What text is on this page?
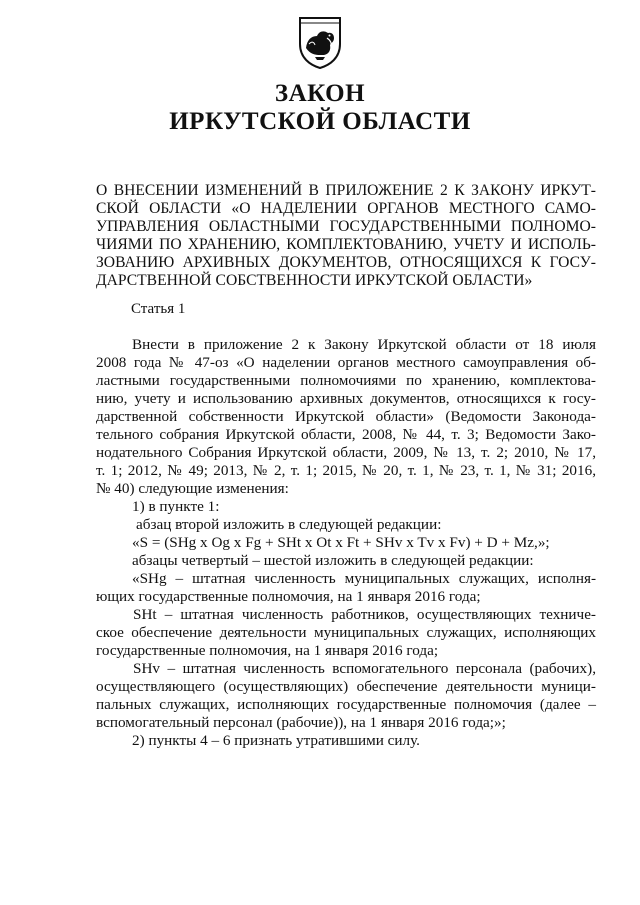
ЗАКОН
ИРКУТСКОЙ ОБЛАСТИ
О ВНЕСЕНИИ ИЗМЕНЕНИЙ В ПРИЛОЖЕНИЕ 2 К ЗАКОНУ ИРКУТ-
СКОЙ ОБЛАСТИ «О НАДЕЛЕНИИ ОРГАНОВ МЕСТНОГО САМО-
УПРАВЛЕНИЯ ОБЛАСТНЫМИ ГОСУДАРСТВЕННЫМИ ПОЛНОМО-
ЧИЯМИ ПО ХРАНЕНИЮ, КОМПЛЕКТОВАНИЮ, УЧЕТУ И ИСПОЛЬ-
ЗОВАНИЮ АРХИВНЫХ ДОКУМЕНТОВ, ОТНОСЯЩИХСЯ К ГОСУ-
ДАРСТВЕННОЙ СОБСТВЕННОСТИ ИРКУТСКОЙ ОБЛАСТИ»
Статья 1
Внести в приложение 2 к Закону Иркутской области от 18 июля
2008 года № 47-оз «О наделении органов местного самоуправления об-
ластными государственными полномочиями по хранению, комплектова-
нию, учету и использованию архивных документов, относящихся к госу-
дарственной собственности Иркутской области» (Ведомости Законода-
тельного собрания Иркутской области, 2008, № 44, т. 3; Ведомости Зако-
нодательного Собрания Иркутской области, 2009, № 13, т. 2; 2010, № 17,
т. 1; 2012, № 49; 2013, № 2, т. 1; 2015, № 20, т. 1, № 23, т. 1, № 31; 2016,
№ 40) следующие изменения:
1) в пункте 1:
абзац второй изложить в следующей редакции:
«S = (SHg x Og x Fg + SHt x Ot x Ft + SHv x Tv x Fv) + D + Mz,»;
абзацы четвертый – шестой изложить в следующей редакции:
«SHg – штатная численность муниципальных служащих, исполня-
ющих государственные полномочия, на 1 января 2016 года;
SHt – штатная численность работников, осуществляющих техниче-
ское обеспечение деятельности муниципальных служащих, исполняющих
государственные полномочия, на 1 января 2016 года;
SHv – штатная численность вспомогательного персонала (рабочих),
осуществляющего (осуществляющих) обеспечение деятельности муници-
пальных служащих, исполняющих государственные полномочия (далее –
вспомогательный персонал (рабочие)), на 1 января 2016 года;»;
2) пункты 4 – 6 признать утратившими силу.
